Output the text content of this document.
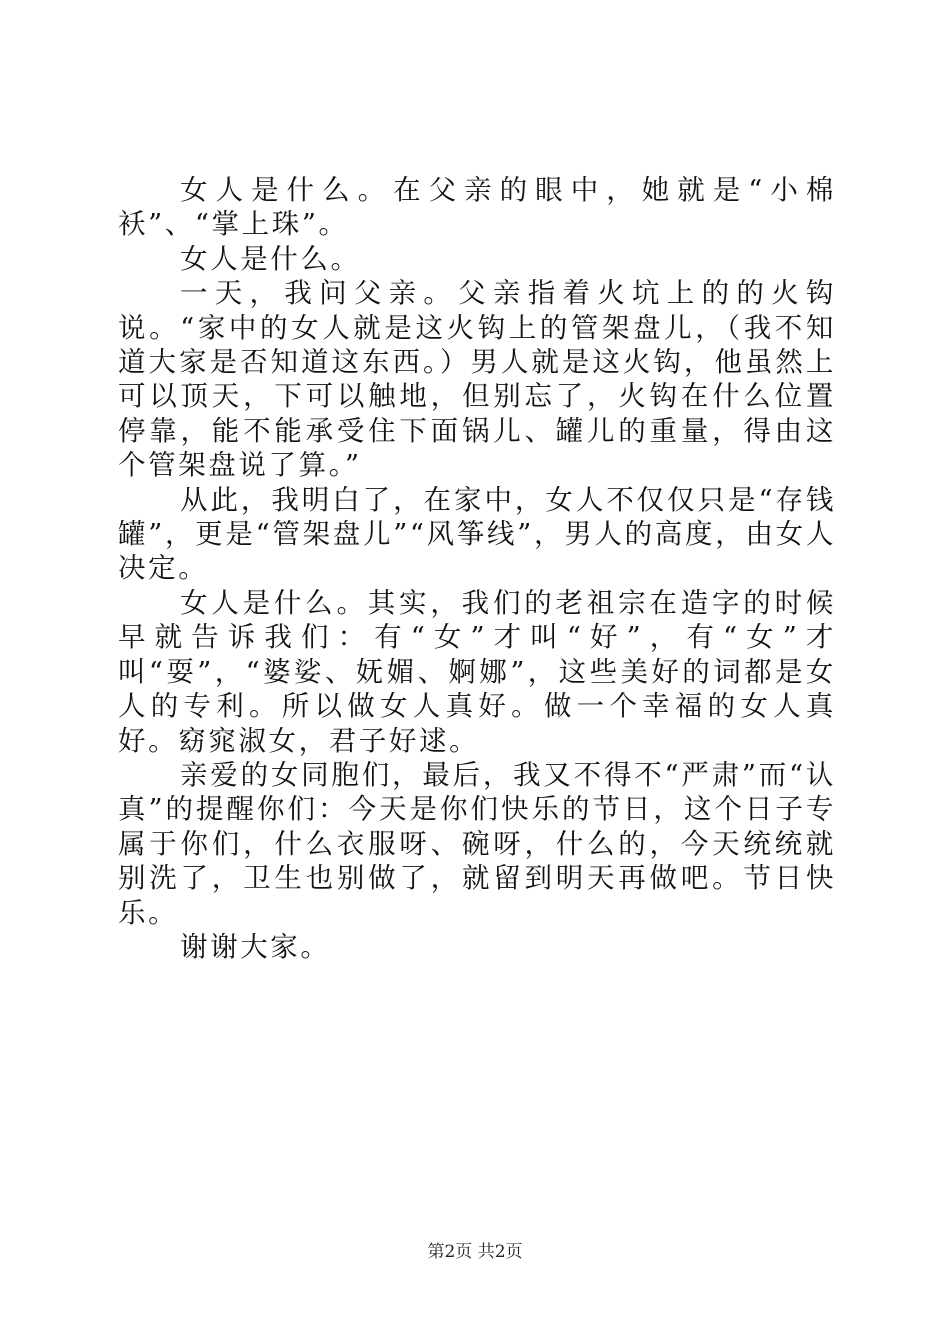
女人是什么。在父亲的眼中，她就是“小棉袄”、“掌上珠”。

女人是什么。

一天，我问父亲。父亲指着火坑上的的火钩说。“家中的女人就是这火钩上的管架盘儿，（我不知道大家是否知道这东西。）男人就是这火钩，他虽然上可以顶天，下可以触地，但别忘了，火钩在什么位置停靠，能不能承受住下面锅儿、罐儿的重量，得由这个管架盘说了算。”

从此，我明白了，在家中，女人不仅仅只是“存钱罐”，更是“管架盘儿”“风筝线”，男人的高度，由女人决定。

女人是什么。其实，我们的老祖宗在造字的时候早就告诉我们：有“女”才叫“好”，有“女”才叫“耍”，“婆娑、妩媚、婀娜”，这些美好的词都是女人的专利。所以做女人真好。做一个幸福的女人真好。窈窕淑女，君子好逑。

亲爱的女同胞们，最后，我又不得不“严肃”而“认真”的提醒你们：今天是你们快乐的节日，这个日子专属于你们，什么衣服呀、碗呀，什么的，今天统统就别洗了，卫生也别做了，就留到明天再做吧。节日快乐。

谢谢大家。

第2页 共2页
